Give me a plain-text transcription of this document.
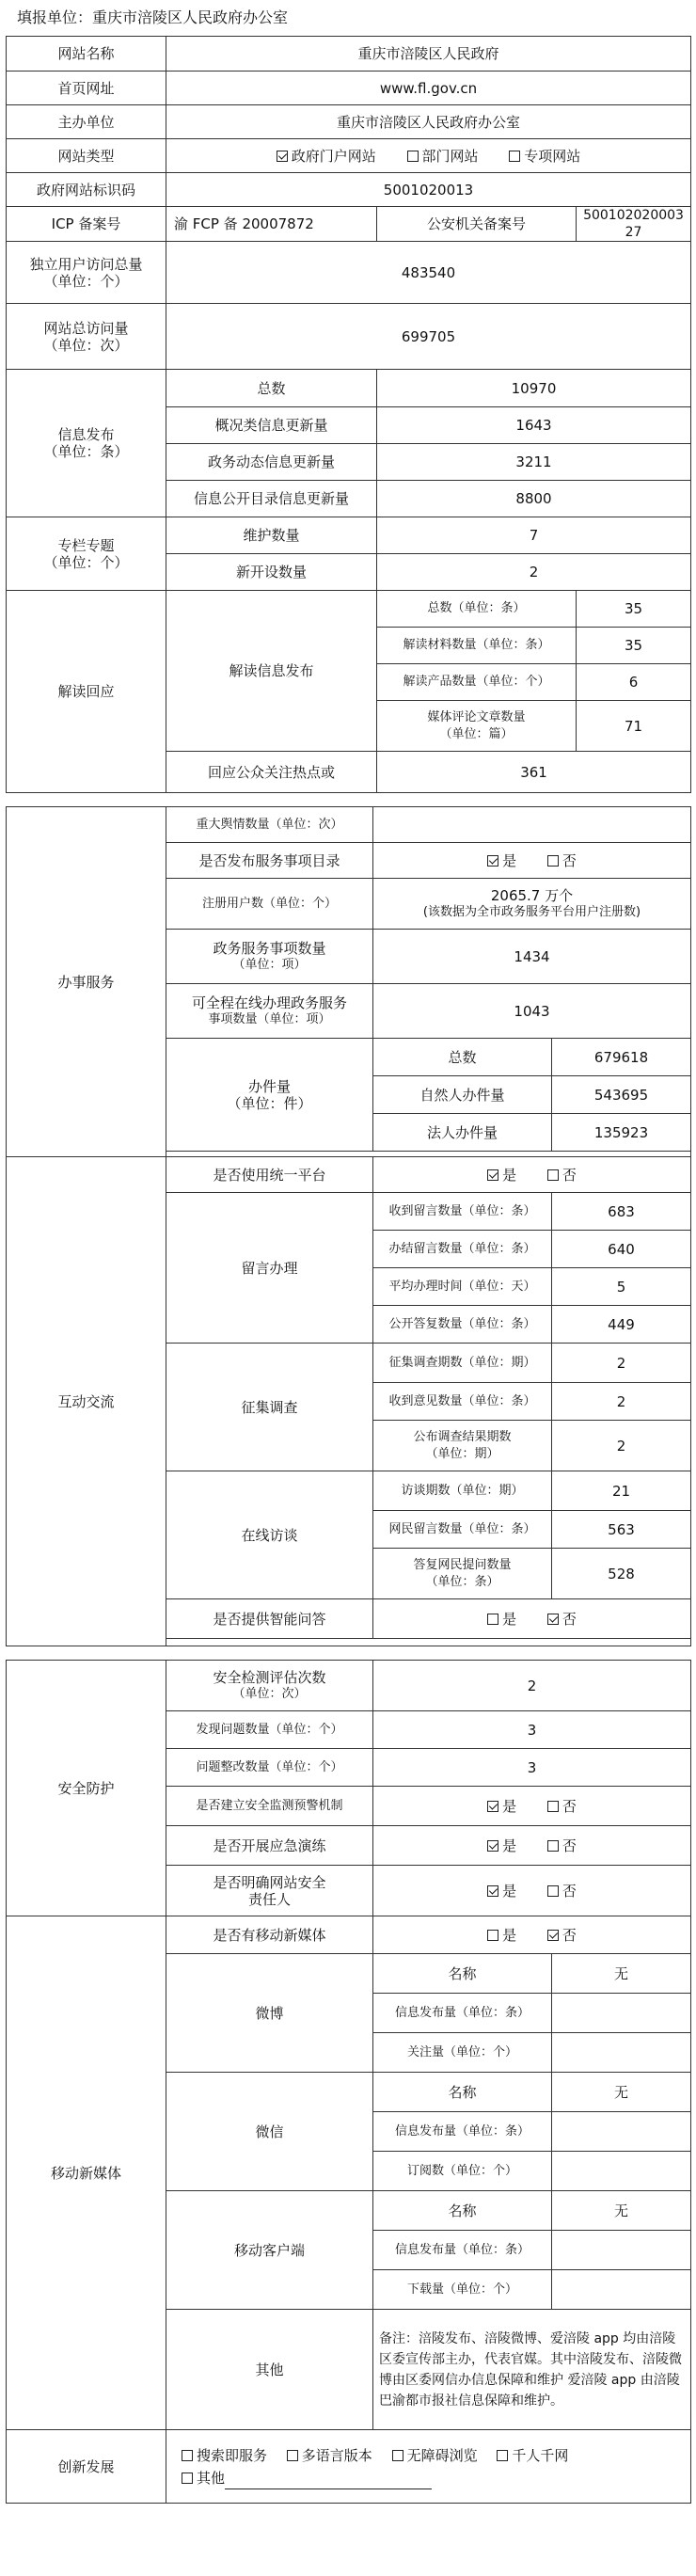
填报单位：重庆市涪陵区人民政府办公室
网站名称	重庆市涪陵区人民政府		
首页网址	www.fl.gov.cn		
主办单位	重庆市涪陵区人民政府办公室		
网站类型	政府门户网站 部门网站 专项网站		
政府网站标识码	5001020013		
ICP 备案号	渝 FCP 备 20007872	公安机关备案号	50010202000327

独立用户访问总量
（单位：个）	483540		

网站总访问量
（单位：次）	699705		

信息发布
（单位：条）	总数	10970	
	概况类信息更新量	1643	
	政务动态信息更新量	3211	
	信息公开目录信息更新量	8800	

专栏专题
（单位：个）	维护数量	7	
	新开设数量	2	
解读回应	解读信息发布	总数（单位：条）	35
		解读材料数量（单位：条）	35
		解读产品数量（单位：个）	6

		媒体评论文章数量
（单位：篇）	71
	回应公众关注热点或	361	
办事服务	重大舆情数量（单位：次）		
	是否发布服务事项目录	是 否	
	注册用户数（单位：个）	2065.7 万个
(该数据为全市政务服务平台用户注册数)	

	政务服务事项数量
（单位：项）	1434	

	可全程在线办理政务服务
事项数量（单位：项）	1043	

	办件量
（单位：件）	总数	679618
		自然人办件量	543695
		法人办件量	135923

互动交流	是否使用统一平台	是 否	
	留言办理	收到留言数量（单位：条）	683
		办结留言数量（单位：条）	640
		平均办理时间（单位：天）	5
		公开答复数量（单位：条）	449
	征集调查	征集调查期数（单位：期）	2
		收到意见数量（单位：条）	2

		公布调查结果期数
（单位：期）	2
	在线访谈	访谈期数（单位：期）	21
		网民留言数量（单位：条）	563

		答复网民提问数量
（单位：条）	528
	是否提供智能问答	是 否	

安全防护	安全检测评估次数
（单位：次）	2	
	发现问题数量（单位：个）	3	
	问题整改数量（单位：个）	3	
	是否建立安全监测预警机制	是 否	
	是否开展应急演练	是 否	

	是否明确网站安全
责任人	是 否	
移动新媒体	是否有移动新媒体	是 否	
	微博	名称	无
		信息发布量（单位：条）	
		关注量（单位：个）	
	微信	名称	无
		信息发布量（单位：条）	
		订阅数（单位：个）	
	移动客户端	名称	无
		信息发布量（单位：条）	
		下载量（单位：个）	
	其他	备注：涪陵发布、涪陵微博、爱涪陵 app 均由涪陵区委宣传部主办，代表官媒。其中涪陵发布、涪陵微博由区委网信办信息保障和维护 爱涪陵 app 由涪陵巴渝都市报社信息保障和维护。	
创新发展	搜索即服务 多语言版本 无障碍浏览 千人千网
其他		
